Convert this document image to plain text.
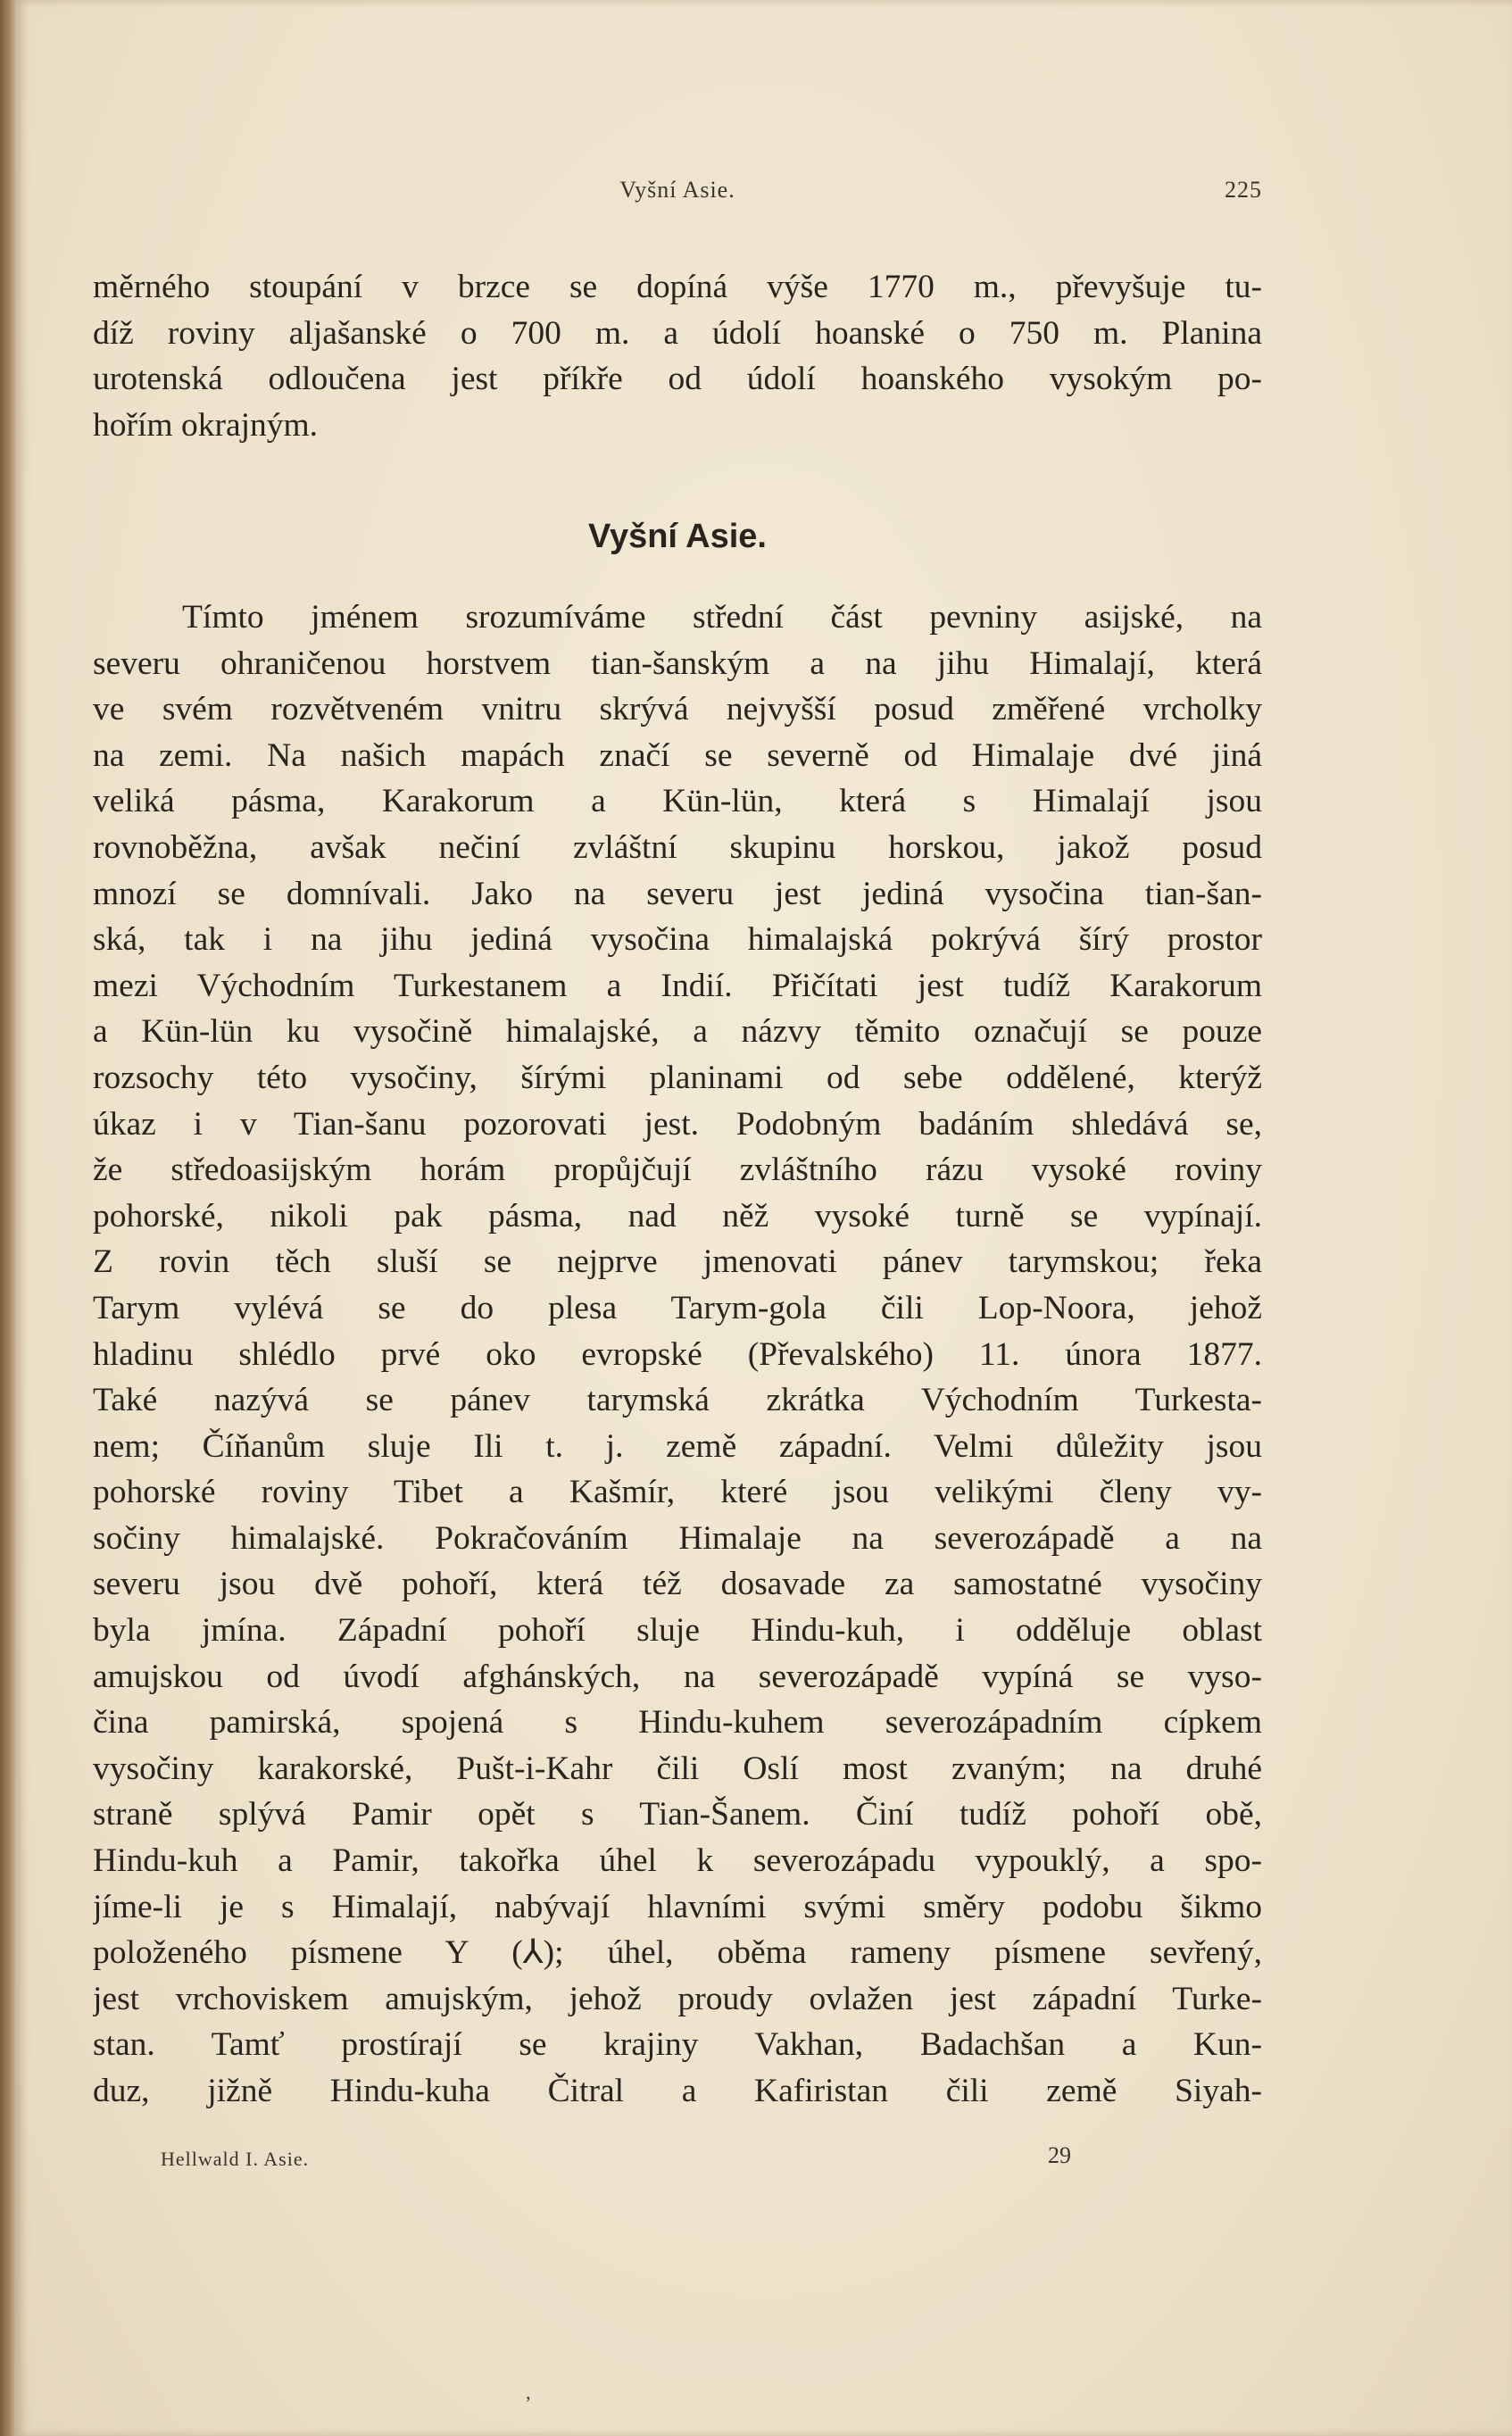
Vyšní Asie.	225
měrného stoupání v brzce se dopíná výše 1770 m., převyšuje tu-
díž roviny aljašanské o 700 m. a údolí hoanské o 750 m. Planina
urotenská odloučena jest příkře od údolí hoanského vysokým po-
hořím okrajným.
Vyšní Asie.
Tímto jménem srozumíváme střední část pevniny asijské, na
severu ohraničenou horstvem tian-šanským a na jihu Himalají, která
ve svém rozvětveném vnitru skrývá nejvyšší posud změřené vrcholky
na zemi. Na našich mapách značí se severně od Himalaje dvé jiná
veliká pásma, Karakorum a Kün-lün, která s Himalají jsou
rovnoběžna, avšak nečiní zvláštní skupinu horskou, jakož posud
mnozí se domnívali. Jako na severu jest jediná vysočina tian-šan-
ská, tak i na jihu jediná vysočina himalajská pokrývá šírý prostor
mezi Východním Turkestanem a Indií. Přičítati jest tudíž Karakorum
a Kün-lün ku vysočině himalajské, a názvy těmito označují se pouze
rozsochy této vysočiny, šírými planinami od sebe oddělené, kterýž
úkaz i v Tian-šanu pozorovati jest. Podobným badáním shledává se,
že středoasijským horám propůjčují zvláštního rázu vysoké roviny
pohorské, nikoli pak pásma, nad něž vysoké turně se vypínají.
Z rovin těch sluší se nejprve jmenovati pánev tarymskou; řeka
Tarym vylévá se do plesa Tarym-gola čili Lop-Noora, jehož
hladinu shlédlo prvé oko evropské (Převalského) 11. února 1877.
Také nazývá se pánev tarymská zkrátka Východním Turkesta-
nem; Číňanům sluje Ili t. j. země západní. Velmi důležity jsou
pohorské roviny Tibet a Kašmír, které jsou velikými členy vy-
sočiny himalajské. Pokračováním Himalaje na severozápadě a na
severu jsou dvě pohoří, která též dosavade za samostatné vysočiny
byla jmína. Západní pohoří sluje Hindu-kuh, i odděluje oblast
amujskou od úvodí afghánských, na severozápadě vypíná se vyso-
čina pamirská, spojená s Hindu-kuhem severozápadním cípkem
vysočiny karakorské, Pušt-i-Kahr čili Oslí most zvaným; na druhé
straně splývá Pamir opět s Tian-Šanem. Činí tudíž pohoří obě,
Hindu-kuh a Pamir, takořka úhel k severozápadu vypouklý, a spo-
jíme-li je s Himalají, nabývají hlavními svými směry podobu šikmo
položeného písmene Y (⅄); úhel, oběma rameny písmene sevřený,
jest vrchoviskem amujským, jehož proudy ovlažen jest západní Turke-
stan. Tamť prostírají se krajiny Vakhan, Badachšan a Kun-
duz, jižně Hindu-kuha Čitral a Kafiristan čili země Siyah-
Hellwald I. Asie.	29
ʼ
